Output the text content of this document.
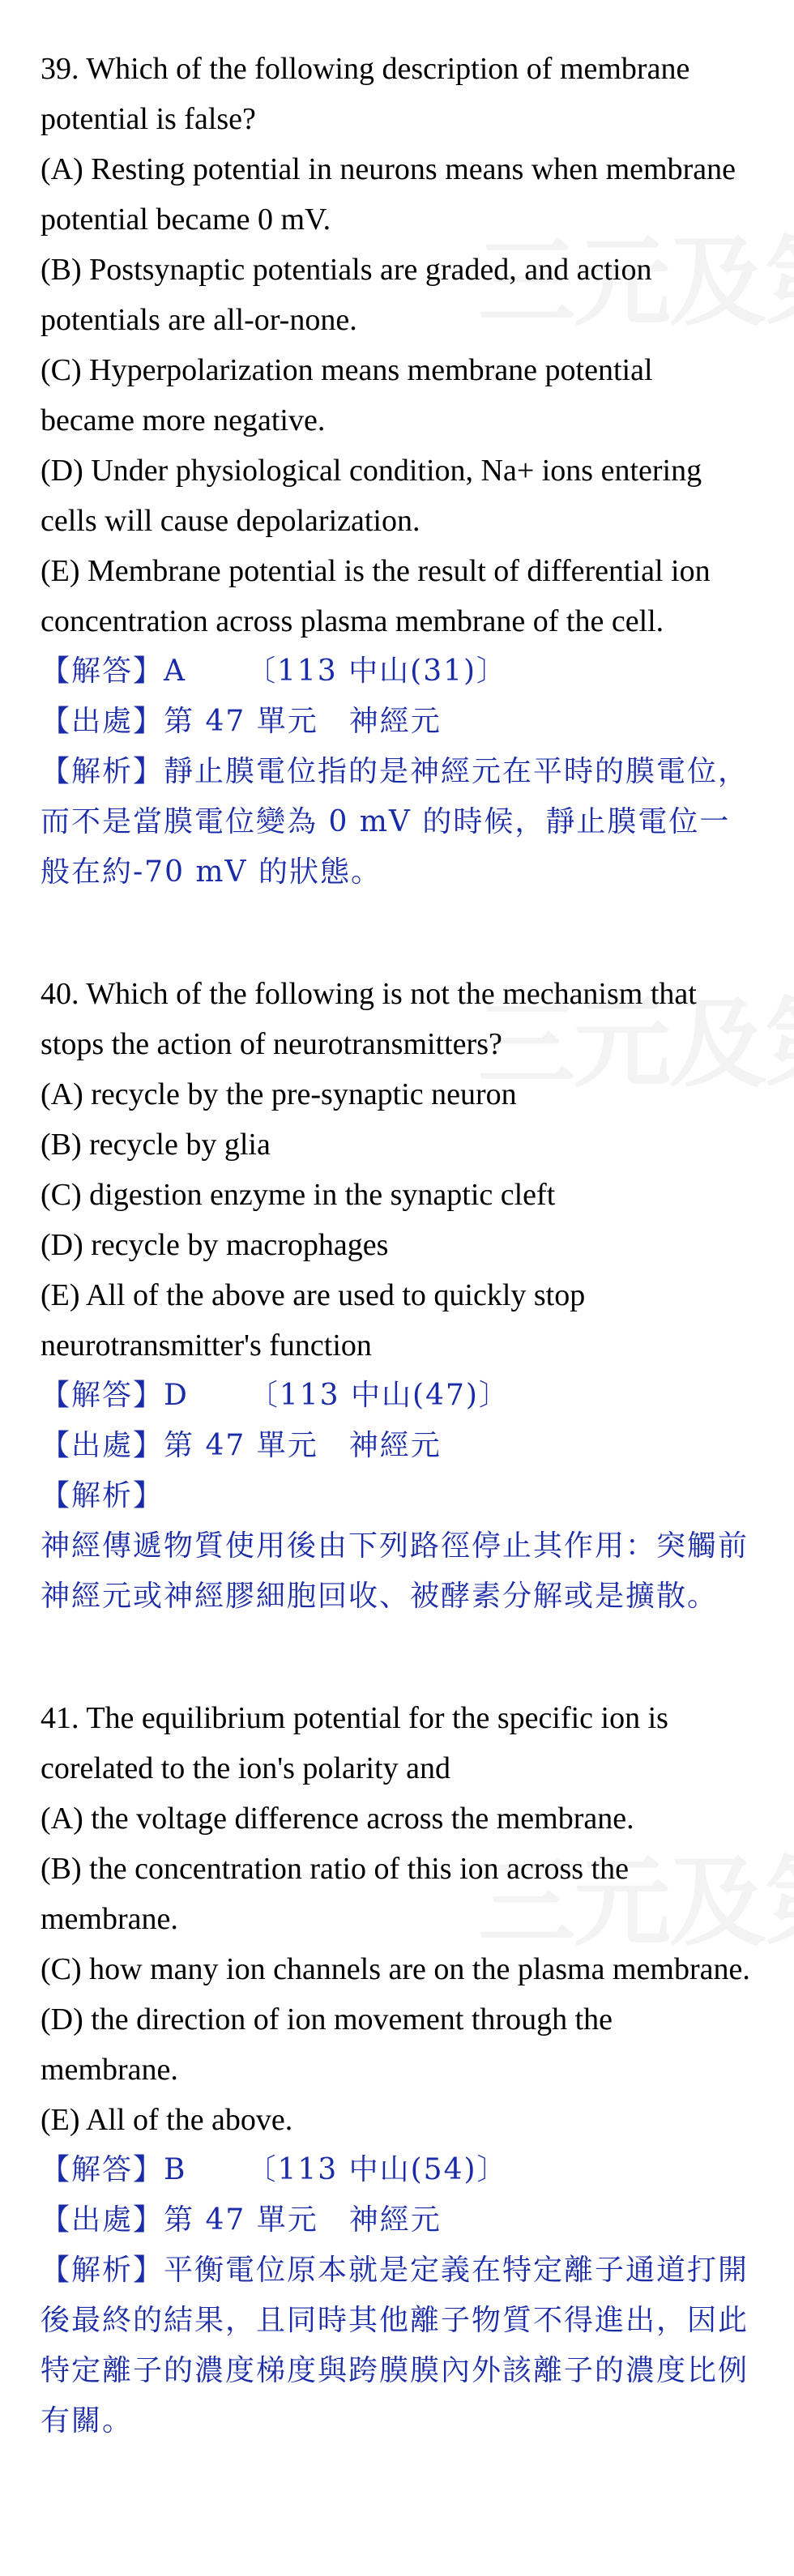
39. Which of the following description of membrane potential is false?

(A) Resting potential in neurons means when membrane potential became 0 mV.

(B) Postsynaptic potentials are graded, and action potentials are all-or-none.

(C) Hyperpolarization means membrane potential became more negative.

(D) Under physiological condition, Na+ ions entering cells will cause depolarization.

(E) Membrane potential is the result of differential ion concentration across plasma membrane of the cell.

【解答】A 〔113 中山(31)〕

【出處】第 47 單元　神經元

【解析】靜止膜電位指的是神經元在平時的膜電位，而不是當膜電位變為 0 mV 的時候，靜止膜電位一般在約-70 mV 的狀態。

40. Which of the following is not the mechanism that stops the action of neurotransmitters?

(A) recycle by the pre-synaptic neuron

(B) recycle by glia

(C) digestion enzyme in the synaptic cleft

(D) recycle by macrophages

(E) All of the above are used to quickly stop neurotransmitter's function

【解答】D 〔113 中山(47)〕

【出處】第 47 單元　神經元

【解析】

神經傳遞物質使用後由下列路徑停止其作用：突觸前神經元或神經膠細胞回收、被酵素分解或是擴散。

41. The equilibrium potential for the specific ion is corelated to the ion's polarity and

(A) the voltage difference across the membrane.

(B) the concentration ratio of this ion across the membrane.

(C) how many ion channels are on the plasma membrane.

(D) the direction of ion movement through the membrane.

(E) All of the above.

【解答】B 〔113 中山(54)〕

【出處】第 47 單元　神經元

【解析】平衡電位原本就是定義在特定離子通道打開後最終的結果，且同時其他離子物質不得進出，因此特定離子的濃度梯度與跨膜膜內外該離子的濃度比例有關。
